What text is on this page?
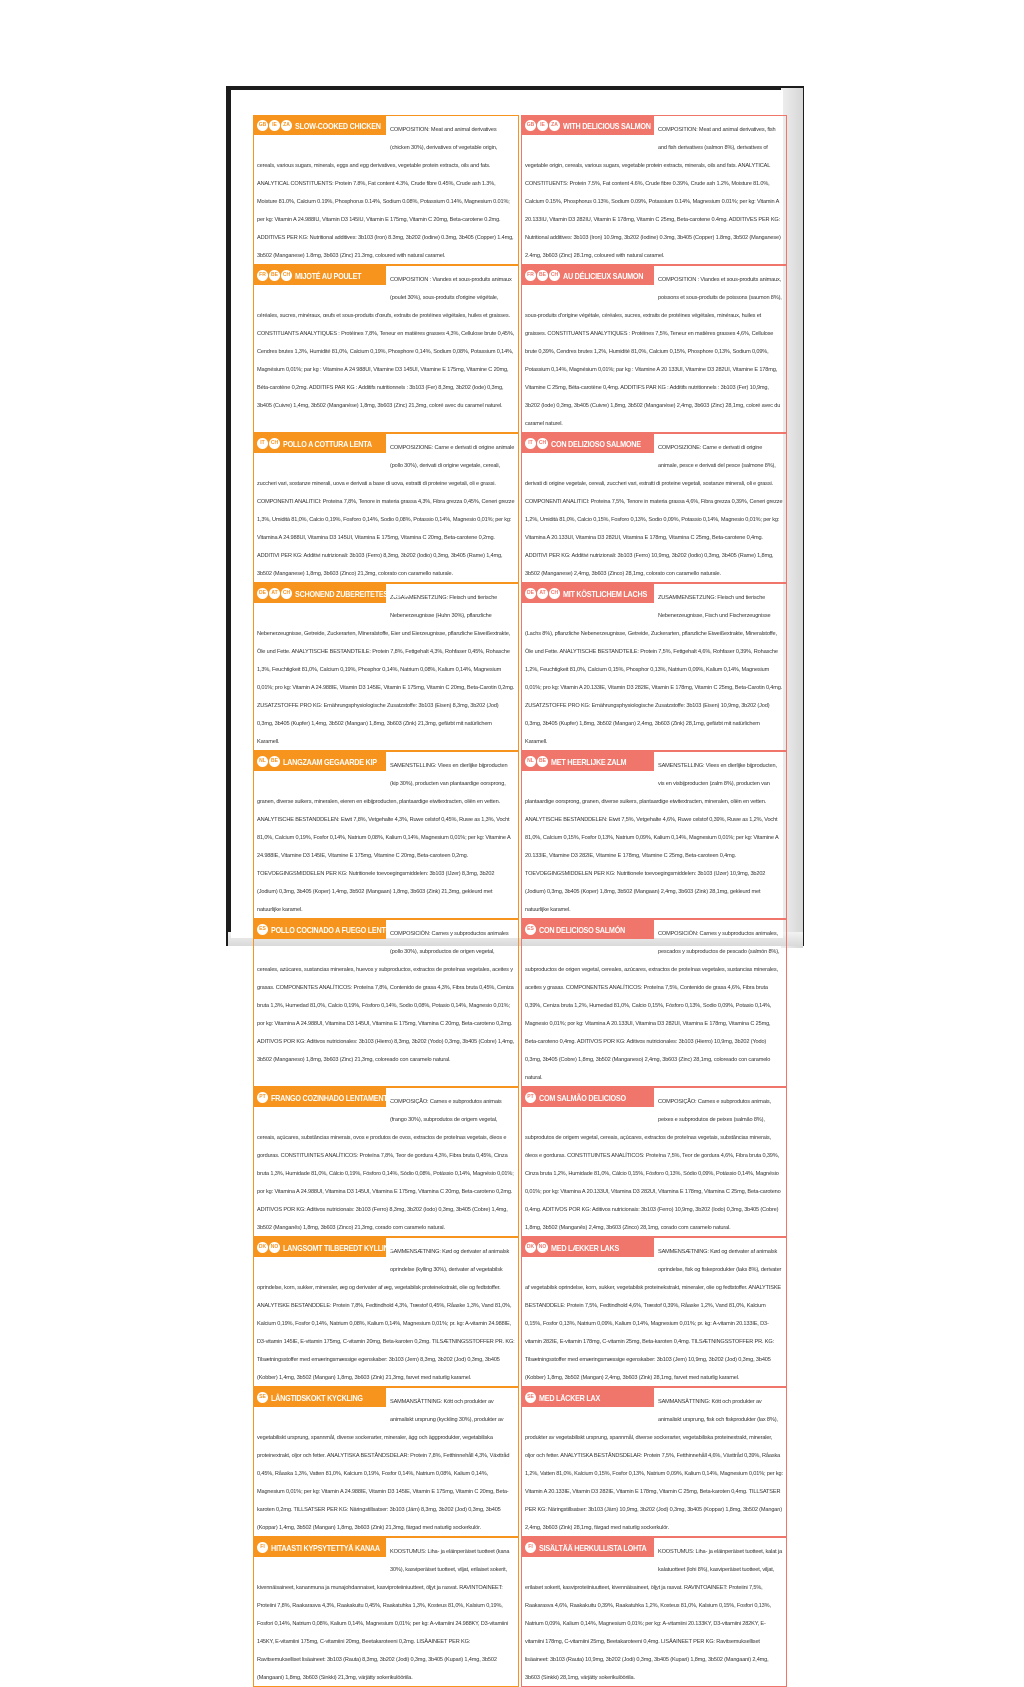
GB	IE	ZA SLOW-COOKED CHICKEN COMPOSITION: Meat and animal derivatives (chicken 30%), derivatives of vegetable origin, cereals, various sugars, minerals, eggs and egg derivatives, vegetable protein extracts, oils and fats. ANALYTICAL CONSTITUENTS: Protein 7.8%, Fat content 4.3%, Crude fibre 0.45%, Crude ash 1.3%, Moisture 81.0%, Calcium 0.19%, Phosphorus 0.14%, Sodium 0.08%, Potassium 0.14%, Magnesium 0.01%; per kg: Vitamin A 24.988IU, Vitamin D3 145IU, Vitamin E 175mg, Vitamin C 20mg, Beta-carotene 0.2mg. ADDITIVES PER KG: Nutritional additives: 3b103 (Iron) 8.3mg, 3b202 (Iodine) 0.3mg, 3b405 (Copper) 1.4mg, 3b502 (Manganese) 1.8mg, 3b603 (Zinc) 21.3mg, coloured with natural caramel.
GB	IE	ZA WITH DELICIOUS SALMON COMPOSITION: Meat and animal derivatives, fish and fish derivatives (salmon 8%), derivatives of vegetable origin, cereals, various sugars, vegetable protein extracts, minerals, oils and fats. ANALYTICAL CONSTITUENTS: Protein 7.5%, Fat content 4.6%, Crude fibre 0.39%, Crude ash 1.2%, Moisture 81.0%, Calcium 0.15%, Phosphorus 0.13%, Sodium 0.09%, Potassium 0.14%, Magnesium 0.01%; per kg: Vitamin A 20.133IU, Vitamin D3 282IU, Vitamin E 178mg, Vitamin C 25mg, Beta-carotene 0.4mg. ADDITIVES PER KG: Nutritional additives: 3b103 (Iron) 10.9mg, 3b202 (Iodine) 0.3mg, 3b405 (Copper) 1.8mg, 3b502 (Manganese) 2.4mg, 3b603 (Zinc) 28.1mg, coloured with natural caramel.
FR	BE CH MIJOTÉ AU POULET	COMPOSITION : Viandes et sous-produits animaux (poulet 30%), sous-produits d'origine végétale, céréales, sucres, minéraux, œufs et sous-produits d'œufs, extraits de protéines végétales, huiles et graisses. CONSTITUANTS ANALYTIQUES : Protéines 7,8%, Teneur en matières grasses 4,3%, Cellulose brute 0,45%, Cendres brutes 1,3%, Humidité 81,0%, Calcium 0,19%, Phosphore 0,14%, Sodium 0,08%, Potassium 0,14%, Magnésium 0,01%; par kg : Vitamine A 24 988UI, Vitamine D3 145UI, Vitamine E 175mg, Vitamine C 20mg, Béta-carotène 0,2mg. ADDITIFS PAR KG : Additifs nutritionnels : 3b103 (Fer) 8,3mg, 3b202 (Iode) 0,3mg, 3b405 (Cuivre) 1,4mg, 3b502 (Manganèse) 1,8mg, 3b603 (Zinc) 21,3mg, coloré avec du caramel naturel.
FR	BE CH AU DÉLICIEUX SAUMON	COMPOSITION : Viandes et sous-produits animaux, poissons et sous-produits de poissons (saumon 8%), sous-produits d'origine végétale, céréales, sucres, extraits de protéines végétales, minéraux, huiles et graisses. CONSTITUANTS ANALYTIQUES : Protéines 7,5%, Teneur en matières grasses 4,6%, Cellulose brute 0,39%, Cendres brutes 1,2%, Humidité 81,0%, Calcium 0,15%, Phosphore 0,13%, Sodium 0,09%, Potassium 0,14%, Magnésium 0,01%; par kg : Vitamine A 20 133UI, Vitamine D3 282UI, Vitamine E 178mg, Vitamine C 25mg, Béta-carotène 0,4mg. ADDITIFS PAR KG : Additifs nutritionnels : 3b103 (Fer) 10,9mg, 3b202 (Iode) 0,3mg, 3b405 (Cuivre) 1,8mg, 3b502 (Manganèse) 2,4mg, 3b603 (Zinc) 28,1mg, coloré avec du caramel naturel.
IT	CH POLLO A COTTURA LENTA	COMPOSIZIONE: Carne e derivati di origine animale (pollo 30%), derivati di origine vegetale, cereali, zuccheri vari, sostanze minerali, uova e derivati a base di uova, estratti di proteine vegetali, oli e grassi. COMPONENTI ANALITICI: Proteina 7,8%, Tenore in materia grassa 4,3%, Fibra grezza 0,45%, Ceneri grezze 1,3%, Umidità 81,0%, Calcio 0,19%, Fosforo 0,14%, Sodio 0,08%, Potassio 0,14%, Magnesio 0,01%; per kg: Vitamina A 24.988UI, Vitamina D3 145UI, Vitamina E 175mg, Vitamina C 20mg, Beta-carotene 0,2mg. ADDITIVI PER KG: Additivi nutrizionali: 3b103 (Ferro) 8,3mg, 3b202 (Iodio) 0,3mg, 3b405 (Rame) 1,4mg, 3b502 (Manganese) 1,8mg, 3b603 (Zinco) 21,3mg, colorato con caramello naturale.
IT	CH CON DELIZIOSO SALMONE	COMPOSIZIONE: Carne e derivati di origine animale, pesce e derivati del pesce (salmone 8%), derivati di origine vegetale, cereali, zuccheri vari, estratti di proteine vegetali, sostanze minerali, oli e grassi. COMPONENTI ANALITICI: Proteina 7,5%, Tenore in materia grassa 4,6%, Fibra grezza 0,39%, Ceneri grezze 1,2%, Umidità 81,0%, Calcio 0,15%, Fosforo 0,13%, Sodio 0,09%, Potassio 0,14%, Magnesio 0,01%; per kg: Vitamina A 20.133UI, Vitamina D3 282UI, Vitamina E 178mg, Vitamina C 25mg, Beta-carotene 0,4mg. ADDITIVI PER KG: Additivi nutrizionali: 3b103 (Ferro) 10,9mg, 3b202 (Iodio) 0,3mg, 3b405 (Rame) 1,8mg, 3b502 (Manganese) 2,4mg, 3b603 (Zinco) 28,1mg, colorato con caramello naturale.
DE	AT	CH SCHONEND ZUBEREITETES HUHN
ZUSAMMENSETZUNG: Fleisch und tierische Nebenerzeugnisse (Huhn 30%), pflanzliche Nebenerzeugnisse, Getreide, Zuckerarten, Mineralstoffe, Eier und Eierzeugnisse, pflanzliche Eiweißextrakte, Öle und Fette. ANALYTISCHE BESTANDTEILE: Protein 7,8%, Fettgehalt 4,3%, Rohfaser 0,45%, Rohasche 1,3%, Feuchtigkeit 81,0%, Calcium 0,19%, Phosphor 0,14%, Natrium 0,08%, Kalium 0,14%, Magnesium 0,01%; pro kg: Vitamin A 24.988IE, Vitamin D3 145IE, Vitamin E 175mg, Vitamin C 20mg, Beta-Carotin 0,2mg. ZUSATZSTOFFE PRO KG: Ernährungsphysiologische Zusatzstoffe: 3b103 (Eisen) 8,3mg, 3b202 (Jod) 0,3mg, 3b405 (Kupfer) 1,4mg, 3b502 (Mangan) 1,8mg, 3b603 (Zink) 21,3mg, gefärbt mit natürlichem Karamell.
DE	AT	CH MIT KÖSTLICHEM LACHS ZUSAMMENSETZUNG: Fleisch und tierische Nebenerzeugnisse, Fisch und Fischerzeugnisse (Lachs 8%), pflanzliche Nebenerzeugnisse, Getreide, Zuckerarten, pflanzliche Eiweißextrakte, Mineralstoffe, Öle und Fette. ANALYTISCHE BESTANDTEILE: Protein 7,5%, Fettgehalt 4,6%, Rohfaser 0,39%, Rohasche 1,2%, Feuchtigkeit 81,0%, Calcium 0,15%, Phosphor 0,13%, Natrium 0,09%, Kalium 0,14%, Magnesium 0,01%; pro kg: Vitamin A 20.133IE, Vitamin D3 282IE, Vitamin E 178mg, Vitamin C 25mg, Beta-Carotin 0,4mg. ZUSATZSTOFFE PRO KG: Ernährungsphysiologische Zusatzstoffe: 3b103 (Eisen) 10,9mg, 3b202 (Jod) 0,3mg, 3b405 (Kupfer) 1,8mg, 3b502 (Mangan) 2,4mg, 3b603 (Zink) 28,1mg, gefärbt mit natürlichem Karamell.
NL	BE LANGZAAM GEGAARDE KIP SAMENSTELLING: Vlees en dierlijke bijproducten (kip 30%), producten van plantaardige oorsprong, granen, diverse suikers, mineralen, eieren en eibijproducten, plantaardige eiwitextracten, oliën en vetten. ANALYTISCHE BESTANDDELEN: Eiwit 7,8%, Vetgehalte 4,3%, Ruwe celstof 0,45%, Ruwe as 1,3%, Vocht 81,0%, Calcium 0,19%, Fosfor 0,14%, Natrium 0,08%, Kalium 0,14%, Magnesium 0,01%; per kg: Vitamine A 24.988IE, Vitamine D3 145IE, Vitamine E 175mg, Vitamine C 20mg, Beta-caroteen 0,2mg. TOEVOEGINGSMIDDELEN PER KG: Nutritionele toevoegingsmiddelen: 3b103 (IJzer) 8,3mg, 3b202 (Jodium) 0,3mg, 3b405 (Koper) 1,4mg, 3b502 (Mangaan) 1,8mg, 3b603 (Zink) 21,3mg, gekleurd met natuurlijke karamel.
NL	BE MET HEERLIJKE ZALM	SAMENSTELLING: Vlees en dierlijke bijproducten, vis en visbijproducten (zalm 8%), producten van plantaardige oorsprong, granen, diverse suikers, plantaardige eiwitextracten, mineralen, oliën en vetten. ANALYTISCHE BESTANDDELEN: Eiwit 7,5%, Vetgehalte 4,6%, Ruwe celstof 0,39%, Ruwe as 1,2%, Vocht 81,0%, Calcium 0,15%, Fosfor 0,13%, Natrium 0,09%, Kalium 0,14%, Magnesium 0,01%; per kg: Vitamine A 20.133IE, Vitamine D3 282IE, Vitamine E 178mg, Vitamine C 25mg, Beta-caroteen 0,4mg. TOEVOEGINGSMIDDELEN PER KG: Nutritionele toevoegingsmiddelen: 3b103 (IJzer) 10,9mg, 3b202 (Jodium) 0,3mg, 3b405 (Koper) 1,8mg, 3b502 (Mangaan) 2,4mg, 3b603 (Zink) 28,1mg, gekleurd met natuurlijke karamel.
ES POLLO COCINADO A FUEGO LENTO COMPOSICIÓN: Carnes y subproductos animales (pollo 30%), subproductos de origen vegetal, cereales, azúcares, sustancias minerales, huevos y subproductos, extractos de proteínas vegetales, aceites y grasas. COMPONENTES ANALÍTICOS: Proteína 7,8%, Contenido de grasa 4,3%, Fibra bruta 0,45%, Ceniza bruta 1,3%, Humedad 81,0%, Calcio 0,19%, Fósforo 0,14%, Sodio 0,08%, Potasio 0,14%, Magnesio 0,01%; por kg: Vitamina A 24.988UI, Vitamina D3 145UI, Vitamina E 175mg, Vitamina C 20mg, Beta-caroteno 0,2mg. ADITIVOS POR KG: Aditivos nutricionales: 3b103 (Hierro) 8,3mg, 3b202 (Yodo) 0,3mg, 3b405 (Cobre) 1,4mg, 3b502 (Manganeso) 1,8mg, 3b603 (Zinc) 21,3mg, coloreado con caramelo natural.
ES CON DELICIOSO SALMÓN	COMPOSICIÓN: Carnes y subproductos animales, pescados y subproductos de pescado (salmón 8%), subproductos de origen vegetal, cereales, azúcares, extractos de proteínas vegetales, sustancias minerales, aceites y grasas. COMPONENTES ANALÍTICOS: Proteína 7,5%, Contenido de grasa 4,6%, Fibra bruta 0,39%, Ceniza bruta 1,2%, Humedad 81,0%, Calcio 0,15%, Fósforo 0,13%, Sodio 0,09%, Potasio 0,14%, Magnesio 0,01%; por kg: Vitamina A 20.133UI, Vitamina D3 282UI, Vitamina E 178mg, Vitamina C 25mg, Beta-caroteno 0,4mg. ADITIVOS POR KG: Aditivos nutricionales: 3b103 (Hierro) 10,9mg, 3b202 (Yodo) 0,3mg, 3b405 (Cobre) 1,8mg, 3b502 (Manganeso) 2,4mg, 3b603 (Zinc) 28,1mg, coloreado con caramelo natural.
PT FRANGO COZINHADO LENTAMENTE
COMPOSIÇÃO: Carnes e subprodutos animais (frango 30%), subprodutos de origem vegetal, cereais, açúcares, substâncias minerais, ovos e produtos de ovos, extractos de proteínas vegetais, óleos e gorduras. CONSTITUINTES ANALÍTICOS: Proteína 7,8%, Teor de gordura 4,3%, Fibra bruta 0,45%, Cinza bruta 1,3%, Humidade 81,0%, Cálcio 0,19%, Fósforo 0,14%, Sódio 0,08%, Potássio 0,14%, Magnésio 0,01%; por kg: Vitamina A 24.988UI, Vitamina D3 145UI, Vitamina E 175mg, Vitamina C 20mg, Beta-caroteno 0,2mg. ADITIVOS POR KG: Aditivos nutricionais: 3b103 (Ferro) 8,3mg, 3b202 (Iodo) 0,3mg, 3b405 (Cobre) 1,4mg, 3b502 (Manganês) 1,8mg, 3b603 (Zinco) 21,3mg, corado com caramelo natural.
PT COM SALMÃO DELICIOSO	COMPOSIÇÃO: Carnes e subprodutos animais, peixes e subprodutos de peixes (salmão 8%), subprodutos de origem vegetal, cereais, açúcares, extractos de proteínas vegetais, substâncias minerais, óleos e gorduras. CONSTITUINTES ANALÍTICOS: Proteína 7,5%, Teor de gordura 4,6%, Fibra bruta 0,39%, Cinza bruta 1,2%, Humidade 81,0%, Cálcio 0,15%, Fósforo 0,13%, Sódio 0,09%, Potássio 0,14%, Magnésio 0,01%; por kg: Vitamina A 20.133UI, Vitamina D3 282UI, Vitamina E 178mg, Vitamina C 25mg, Beta-caroteno 0,4mg. ADITIVOS POR KG: Aditivos nutricionais: 3b103 (Ferro) 10,9mg, 3b202 (Iodo) 0,3mg, 3b405 (Cobre) 1,8mg, 3b502 (Manganês) 2,4mg, 3b603 (Zinco) 28,1mg, corado com caramelo natural.
DK NO LANGSOMT TILBEREDT KYLLING
SAMMENSÆTNING: Kød og derivater af animalsk oprindelse (kylling 30%), derivater af vegetabilsk oprindelse, korn, sukker, mineraler, æg og derivater af æg, vegetabilsk proteinekstrakt, olie og fedtstoffer. ANALYTISKE BESTANDDELE: Protein 7,8%, Fedtindhold 4,3%, Træstof 0,45%, Råaske 1,3%, Vand 81,0%, Kalcium 0,19%, Fosfor 0,14%, Natrium 0,08%, Kalium 0,14%, Magnesium 0,01%; pr. kg: A-vitamin 24.988IE, D3-vitamin 145IE, E-vitamin 175mg, C-vitamin 20mg, Beta-karoten 0,2mg. TILSÆTNINGSSTOFFER PR. KG: Tilsætningsstoffer med ernæringsmæssige egenskaber: 3b103 (Jern) 8,3mg, 3b202 (Jod) 0,3mg, 3b405 (Kobber) 1,4mg, 3b502 (Mangan) 1,8mg, 3b603 (Zink) 21,3mg, farvet med naturlig karamel.
DK NO MED LÆKKER LAKS	SAMMENSÆTNING: Kød og derivater af animalsk oprindelse, fisk og fiskeprodukter (laks 8%), derivater af vegetabilsk oprindelse, korn, sukker, vegetabilsk proteinekstrakt, mineraler, olie og fedtstoffer. ANALYTISKE BESTANDDELE: Protein 7,5%, Fedtindhold 4,6%, Træstof 0,39%, Råaske 1,2%, Vand 81,0%, Kalcium 0,15%, Fosfor 0,13%, Natrium 0,09%, Kalium 0,14%, Magnesium 0,01%; pr. kg: A-vitamin 20.133IE, D3-vitamin 282IE, E-vitamin 178mg, C-vitamin 25mg, Beta-karoten 0,4mg. TILSÆTNINGSSTOFFER PR. KG: Tilsætningsstoffer med ernæringsmæssige egenskaber: 3b103 (Jern) 10,9mg, 3b202 (Jod) 0,3mg, 3b405 (Kobber) 1,8mg, 3b502 (Mangan) 2,4mg, 3b603 (Zink) 28,1mg, farvet med naturlig karamel.
SE LÅNGTIDSKOKT KYCKLING	SAMMANSÄTTNING: Kött och produkter av animaliskt ursprung (kyckling 30%), produkter av vegetabiliskt ursprung, spannmål, diverse sockerarter, mineraler, ägg och äggprodukter, vegetabiliska proteinextrakt, oljor och fetter. ANALYTISKA BESTÅNDSDELAR: Protein 7,8%, Fetthinnehåll 4,3%, Växttråd 0,45%, Råaska 1,3%, Vatten 81,0%, Kalcium 0,19%, Fosfor 0,14%, Natrium 0,08%, Kalium 0,14%, Magnesium 0,01%; per kg: Vitamin A 24.988IE, Vitamin D3 145IE, Vitamin E 175mg, Vitamin C 20mg, Beta-karoten 0,2mg. TILLSATSER PER KG: Näringstillsatser: 3b103 (Järn) 8,3mg, 3b202 (Jod) 0,3mg, 3b405 (Koppar) 1,4mg, 3b502 (Mangan) 1,8mg, 3b603 (Zink) 21,3mg, färgad med naturlig sockerkulör.
SE MED LÄCKER LAX	SAMMANSÄTTNING: Kött och produkter av animaliskt ursprung, fisk och fiskprodukter (lax 8%), produkter av vegetabiliskt ursprung, spannmål, diverse sockerarter, vegetabiliska proteinextrakt, mineraler, oljor och fetter. ANALYTISKA BESTÅNDSDELAR: Protein 7,5%, Fetthinnehåll 4,6%, Växttråd 0,39%, Råaska 1,2%, Vatten 81,0%, Kalcium 0,15%, Fosfor 0,13%, Natrium 0,09%, Kalium 0,14%, Magnesium 0,01%; per kg: Vitamin A 20.133IE, Vitamin D3 282IE, Vitamin E 178mg, Vitamin C 25mg, Beta-karoten 0,4mg. TILLSATSER PER KG: Näringstillsatser: 3b103 (Järn) 10,9mg, 3b202 (Jod) 0,3mg, 3b405 (Koppar) 1,8mg, 3b502 (Mangan) 2,4mg, 3b603 (Zink) 28,1mg, färgad med naturlig sockerkulör.
FI HITAASTI KYPSYTETTYÄ KANAA KOOSTUMUS: Liha- ja eläinperäiset tuotteet (kana 30%), kasviperäiset tuotteet, viljat, erilaiset sokerit, kivennäisaineet, kananmuna ja munajohdannaiset, kasviproteiiniuutteet, öljyt ja rasvat. RAVINTOAINEET: Proteiini 7,8%, Raakarasva 4,3%, Raakakuitu 0,45%, Raakatuhka 1,3%, Kosteus 81,0%, Kalsium 0,19%, Fosfori 0,14%, Natrium 0,08%, Kalium 0,14%, Magnesium 0,01%; per kg: A-vitamiini 24.988KY, D3-vitamiini 145KY, E-vitamiini 175mg, C-vitamiini 20mg, Beetakaroteeni 0,2mg. LISÄAINEET PER KG: Ravitsemukselliset lisäaineet: 3b103 (Rauta) 8,3mg, 3b202 (Jodi) 0,3mg, 3b405 (Kupari) 1,4mg, 3b502 (Mangaani) 1,8mg, 3b603 (Sinkki) 21,3mg, värjätty sokerikulööriila.
FI SISÄLTÄÄ HERKULLISTA LOHTA KOOSTUMUS: Liha- ja eläinperäiset tuotteet, kalat ja kalatuotteet (lohi 8%), kasviperäiset tuotteet, viljat, erilaiset sokerit, kasviproteiiniuutteet, kivennäisaineet, öljyt ja rasvat. RAVINTOAINEET: Proteiini 7,5%, Raakarasva 4,6%, Raakakuitu 0,39%, Raakatuhka 1,2%, Kosteus 81,0%, Kalsium 0,15%, Fosfori 0,13%, Natrium 0,09%, Kalium 0,14%, Magnesium 0,01%; per kg: A-vitamiini 20.133KY, D3-vitamiini 282KY, E-vitamiini 178mg, C-vitamiini 25mg, Beetakaroteeni 0,4mg. LISÄAINEET PER KG: Ravitsemukselliset lisäaineet: 3b103 (Rauta) 10,9mg, 3b202 (Jodi) 0,3mg, 3b405 (Kupari) 1,8mg, 3b502 (Mangaani) 2,4mg, 3b603 (Sinkki) 28,1mg, värjätty sokerikulööriila.
